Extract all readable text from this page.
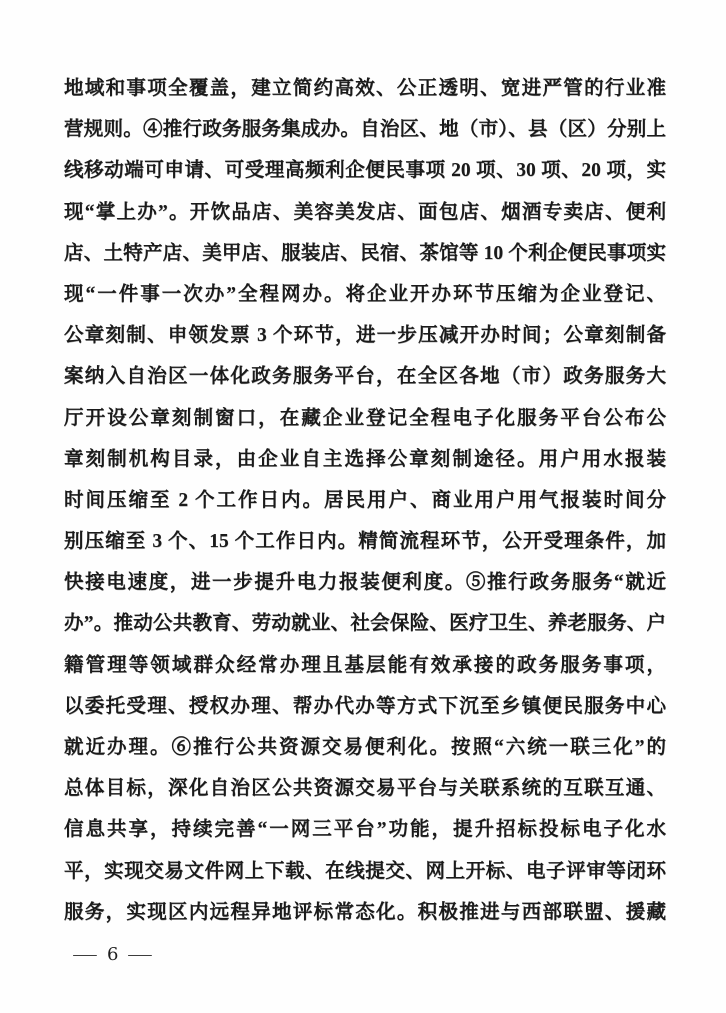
地域和事项全覆盖，建立简约高效、公正透明、宽进严管的行业准
营规则。④推行政务服务集成办。自治区、地（市）、县（区）分别上
线移动端可申请、可受理高频利企便民事项 20 项、30 项、20 项，实
现“掌上办”。开饮品店、美容美发店、面包店、烟酒专卖店、便利
店、土特产店、美甲店、服装店、民宿、茶馆等 10 个利企便民事项实
现“一件事一次办”全程网办。将企业开办环节压缩为企业登记、
公章刻制、申领发票 3 个环节，进一步压减开办时间；公章刻制备
案纳入自治区一体化政务服务平台，在全区各地（市）政务服务大
厅开设公章刻制窗口，在藏企业登记全程电子化服务平台公布公
章刻制机构目录，由企业自主选择公章刻制途径。用户用水报装
时间压缩至 2 个工作日内。居民用户、商业用户用气报装时间分
别压缩至 3 个、15 个工作日内。精简流程环节，公开受理条件，加
快接电速度，进一步提升电力报装便利度。⑤推行政务服务“就近
办”。推动公共教育、劳动就业、社会保险、医疗卫生、养老服务、户
籍管理等领域群众经常办理且基层能有效承接的政务服务事项，
以委托受理、授权办理、帮办代办等方式下沉至乡镇便民服务中心
就近办理。⑥推行公共资源交易便利化。按照“六统一联三化”的
总体目标，深化自治区公共资源交易平台与关联系统的互联互通、
信息共享，持续完善“一网三平台”功能，提升招标投标电子化水
平，实现交易文件网上下载、在线提交、网上开标、电子评审等闭环
服务，实现区内远程异地评标常态化。积极推进与西部联盟、援藏
— 6 —
